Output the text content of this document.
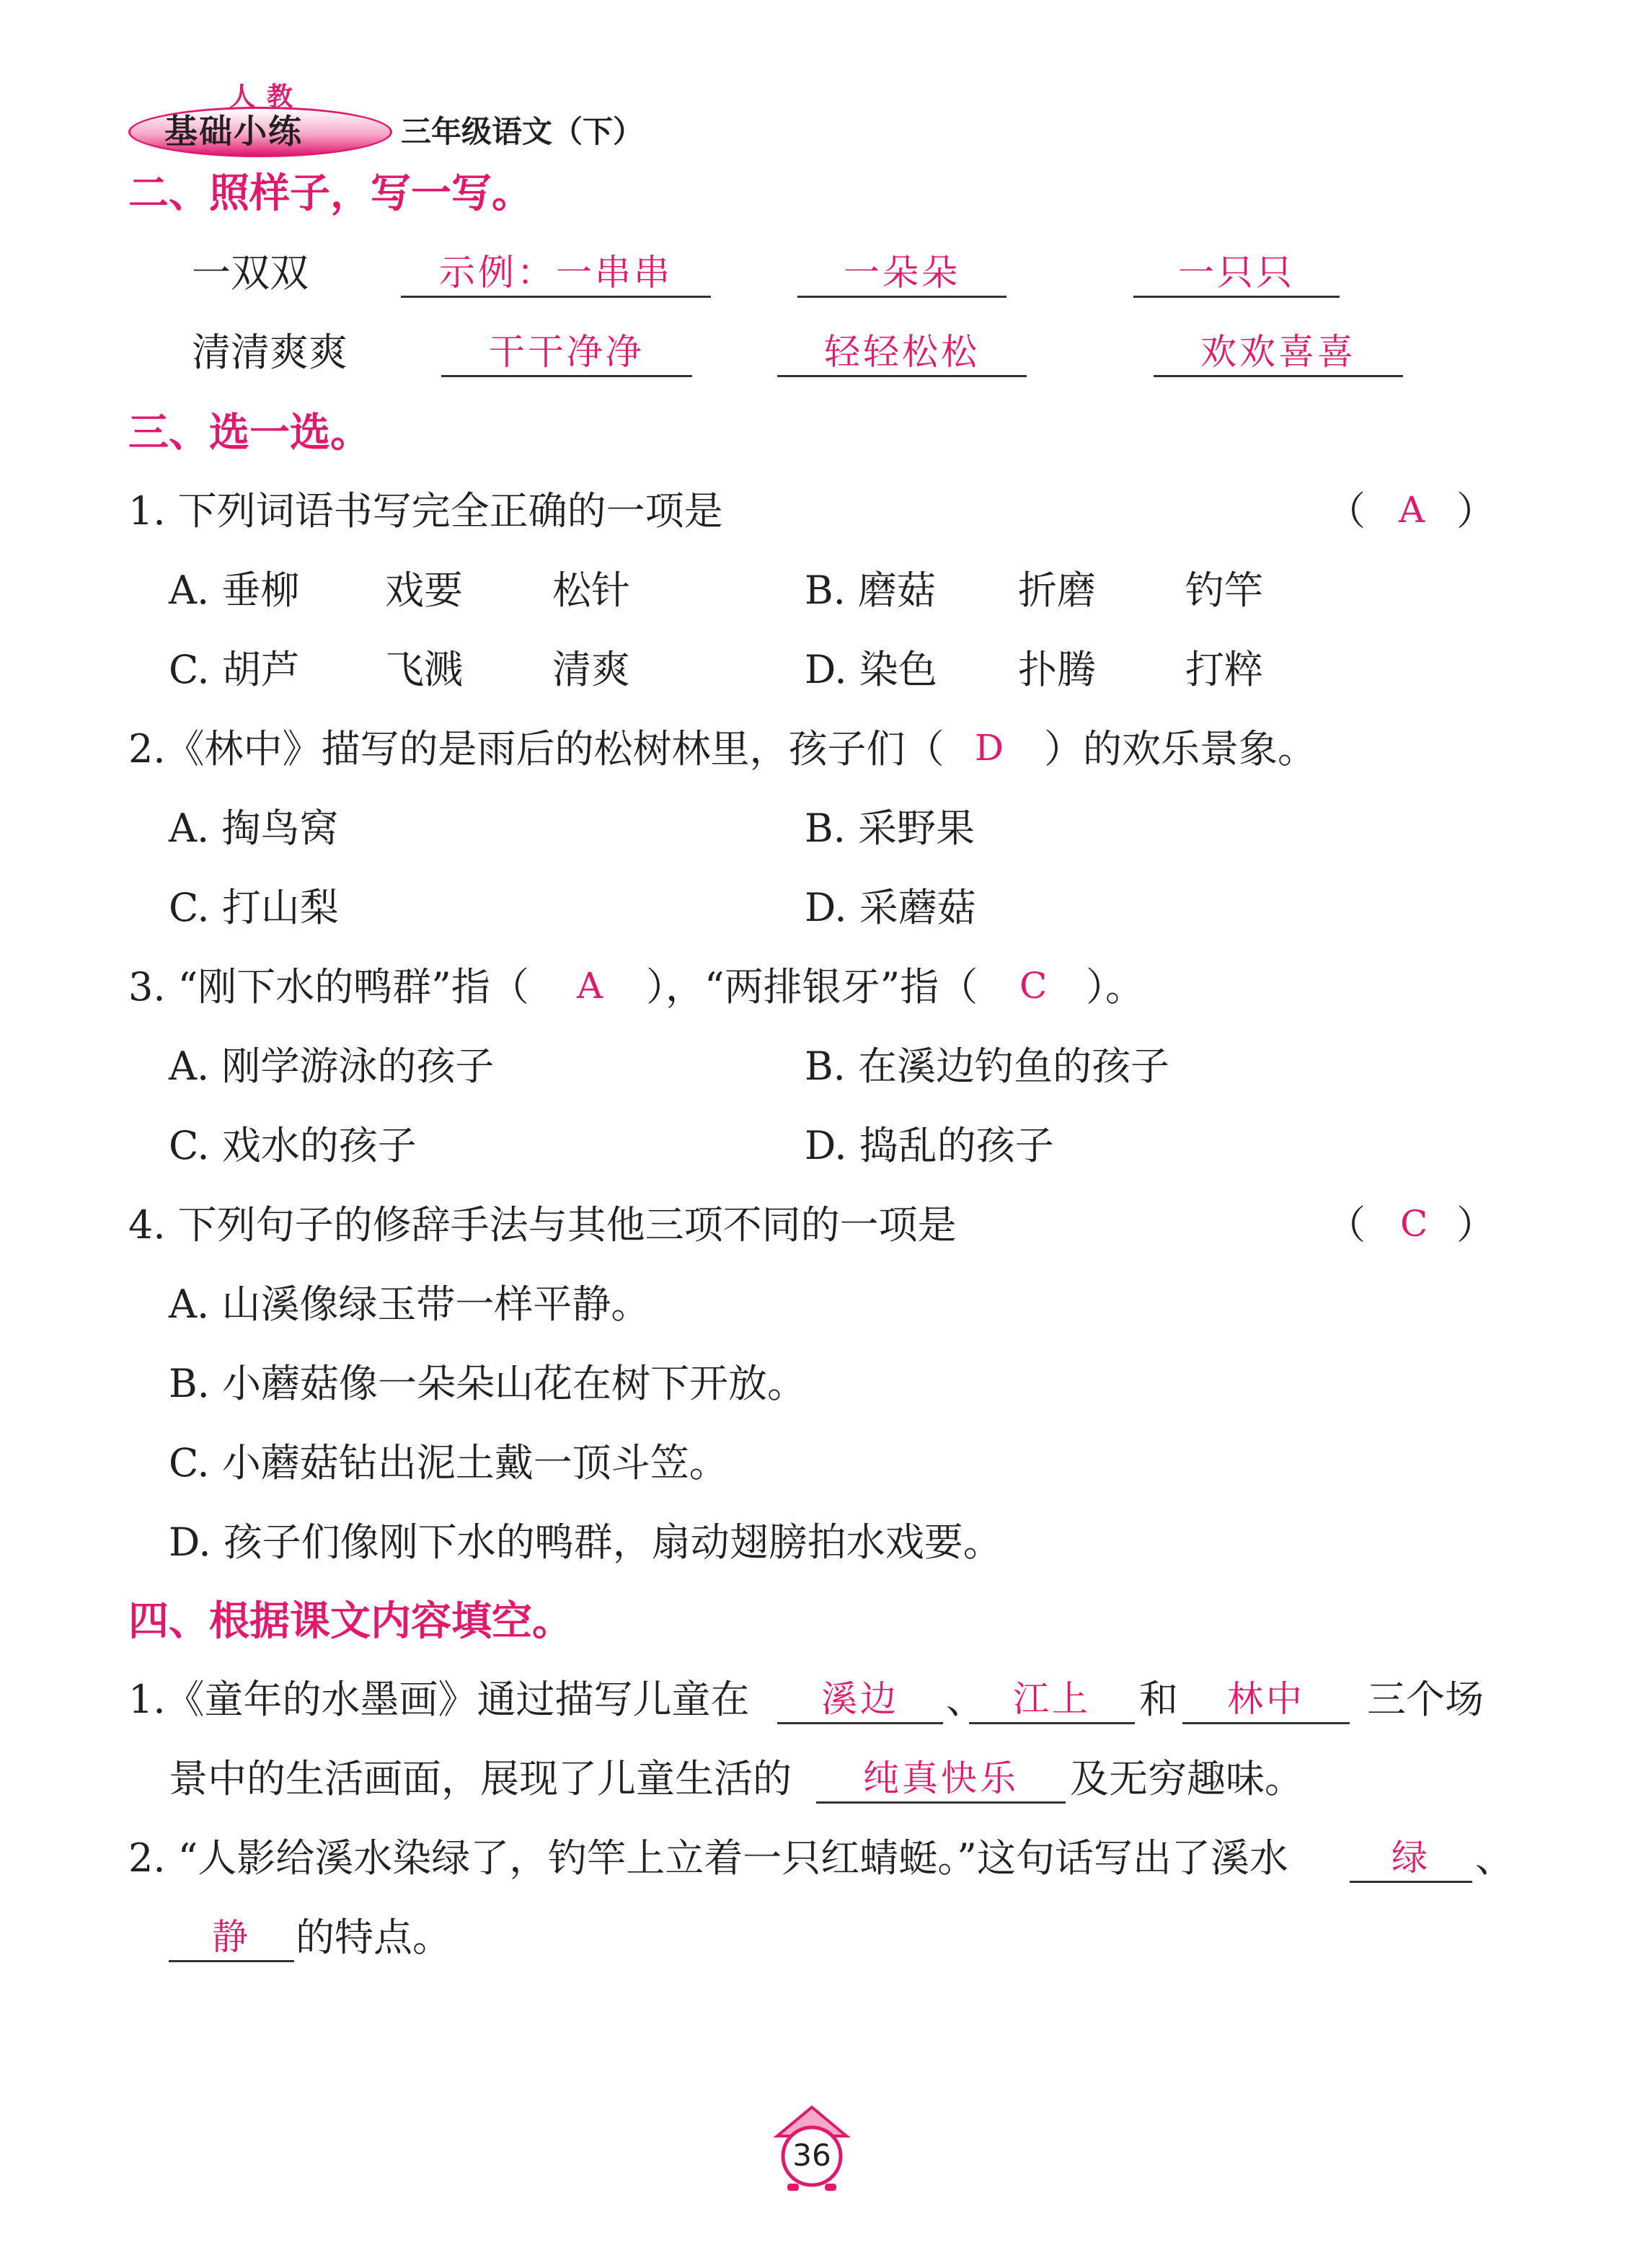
人教
基础小练	三年级语文（下）
二、照样子，写一写。
一双双	示例：一串串	一朵朵	一只只
清清爽爽	干干净净	轻轻松松	欢欢喜喜
三、选一选。
1. 下列词语书写完全正确的一项是	（ A ）
A. 垂柳 戏要 松针	B. 磨菇 折磨 钓竿
C. 胡芦 飞溅 清爽	D. 染色 扑腾 打粹
2.《林中》描写的是雨后的松树林里，孩子们（ D ）的欢乐景象。
A. 掏鸟窝	B. 采野果
C. 打山梨	D. 采蘑菇
3. “刚下水的鸭群”指（ A ），“两排银牙”指（ C ）。
A. 刚学游泳的孩子	B. 在溪边钓鱼的孩子
C. 戏水的孩子	D. 捣乱的孩子
4. 下列句子的修辞手法与其他三项不同的一项是	（ C ）
A. 山溪像绿玉带一样平静。
B. 小蘑菇像一朵朵山花在树下开放。
C. 小蘑菇钻出泥土戴一顶斗笠。
D. 孩子们像刚下水的鸭群，扇动翅膀拍水戏要。
四、根据课文内容填空。
1.《童年的水墨画》通过描写儿童在	溪边	、 江上	和	林中	三个场
景中的生活画面，展现了儿童生活的	纯真快乐	及无穷趣味。
2. “人影给溪水染绿了，钓竿上立着一只红蜻蜓。”这句话写出了溪水	绿	、
静	的特点。
36
